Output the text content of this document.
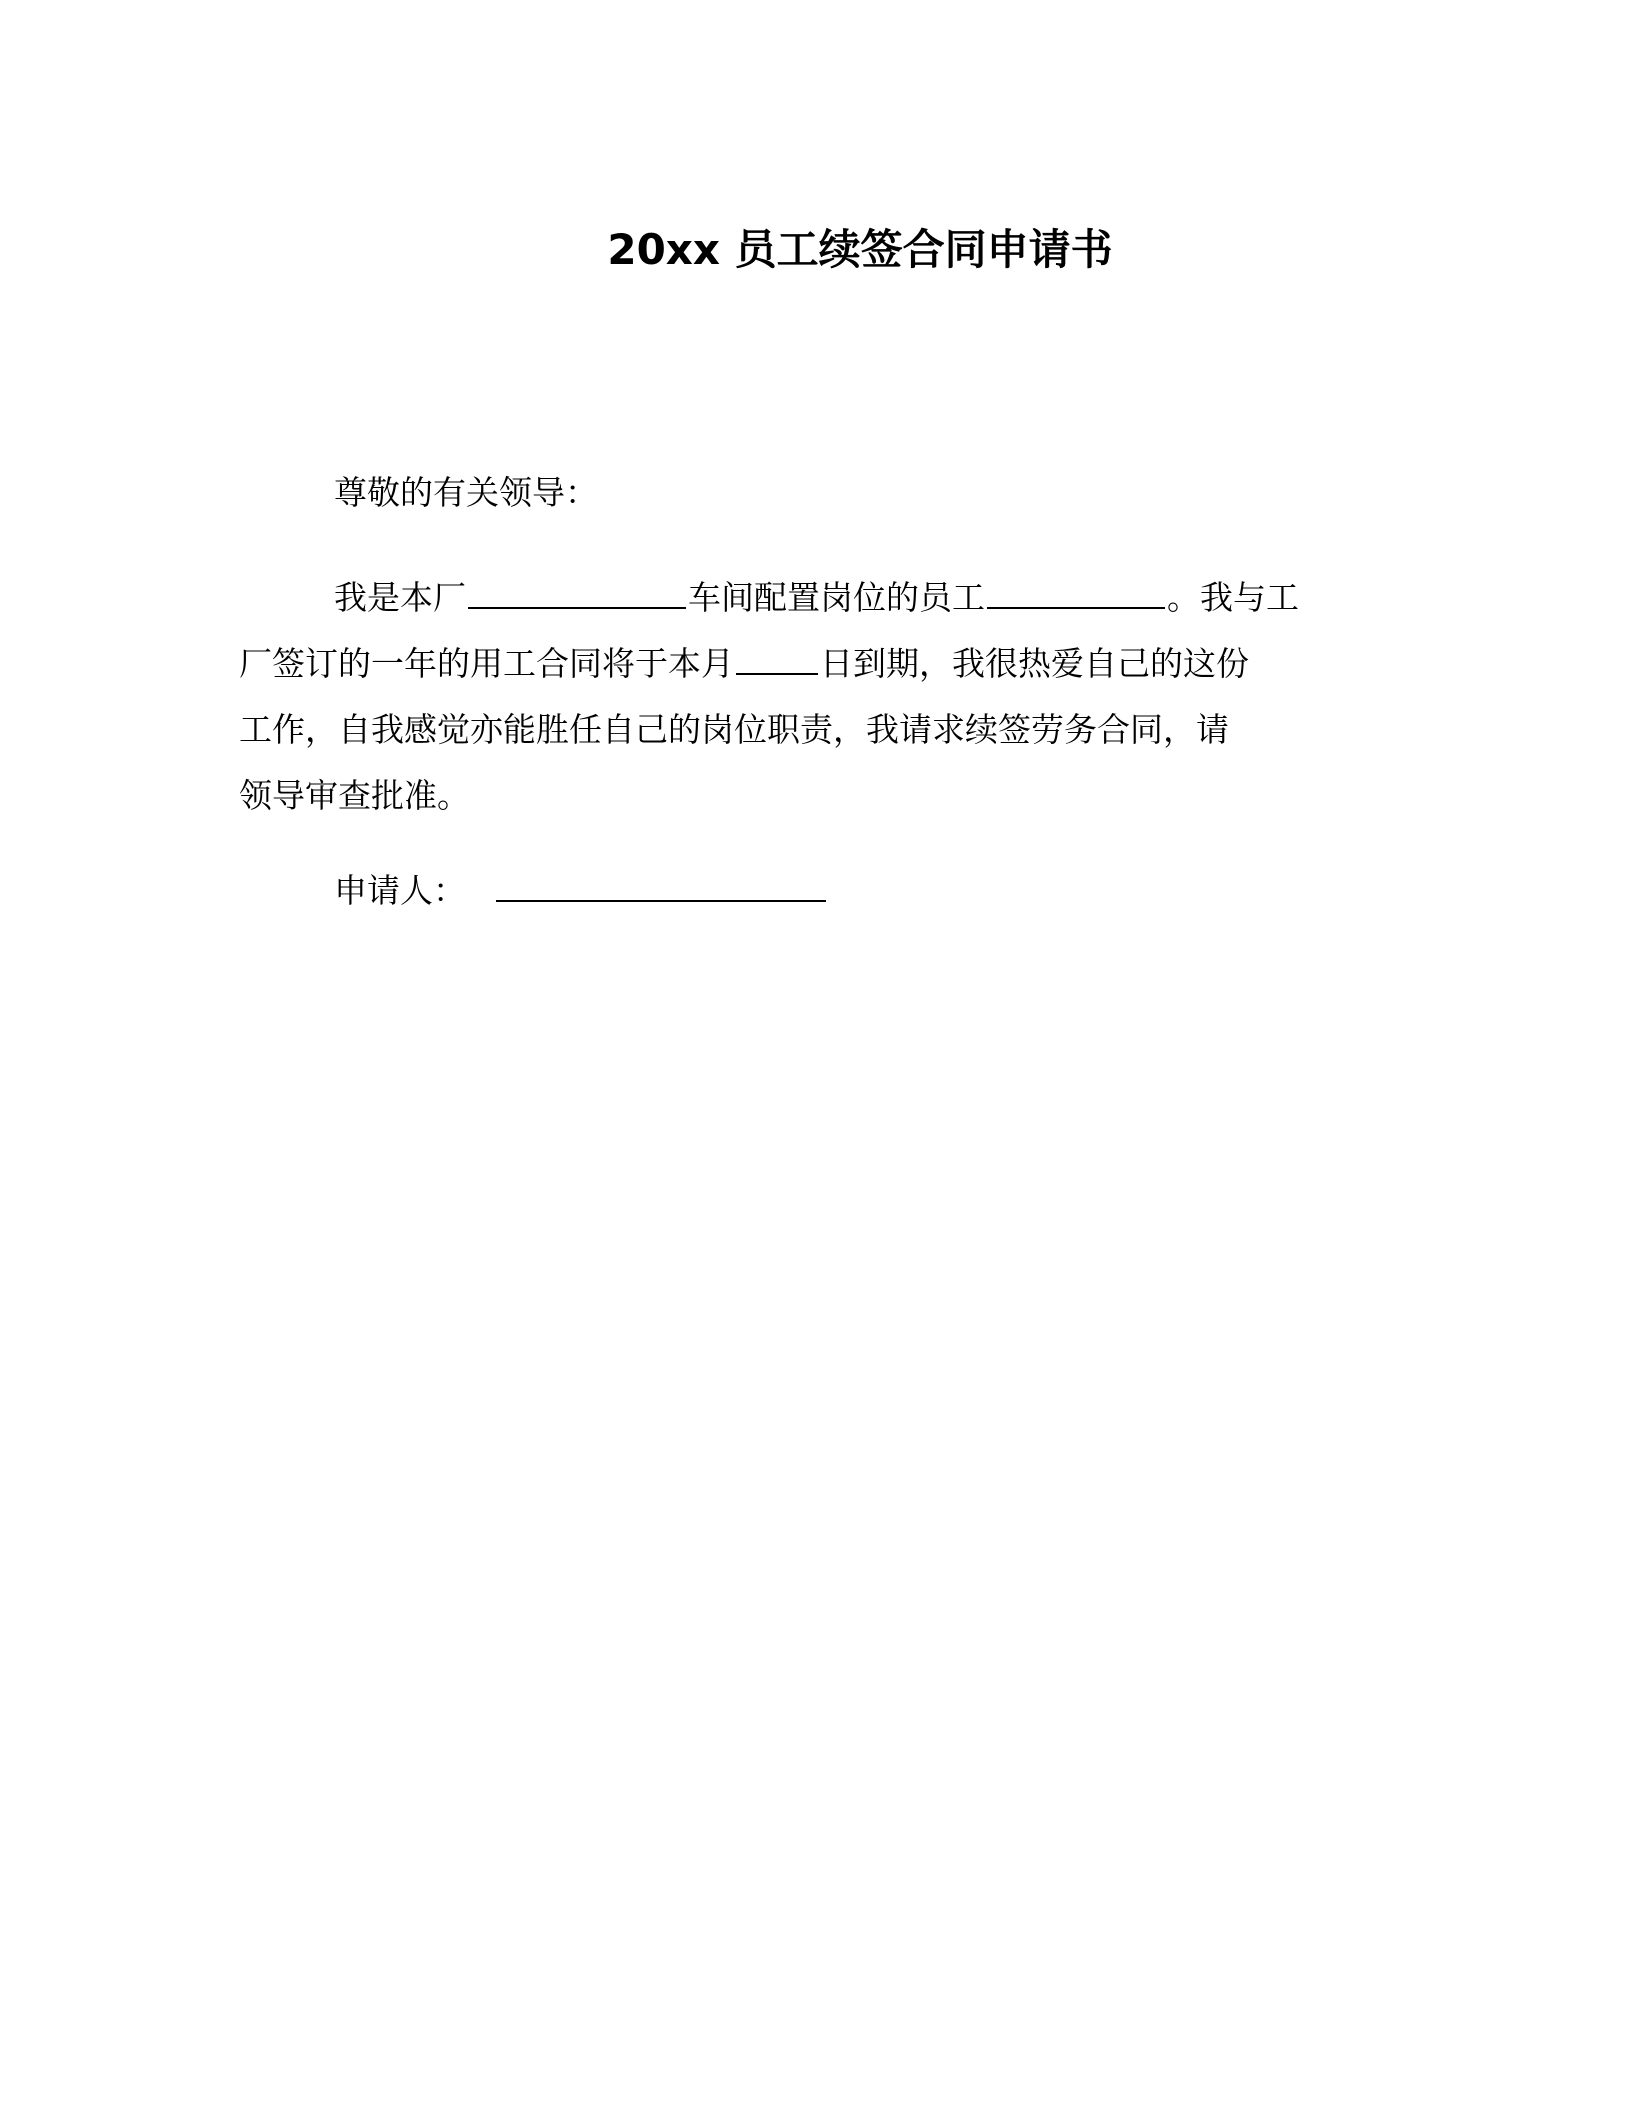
20xx 员工续签合同申请书
尊敬的有关领导：
我是本厂	车间配置岗位的员工	。我与工
厂签订的一年的用工合同将于本月	日到期，我很热爱自己的这份
工作，自我感觉亦能胜任自己的岗位职责，我请求续签劳务合同，请
领导审查批准。
申请人：
